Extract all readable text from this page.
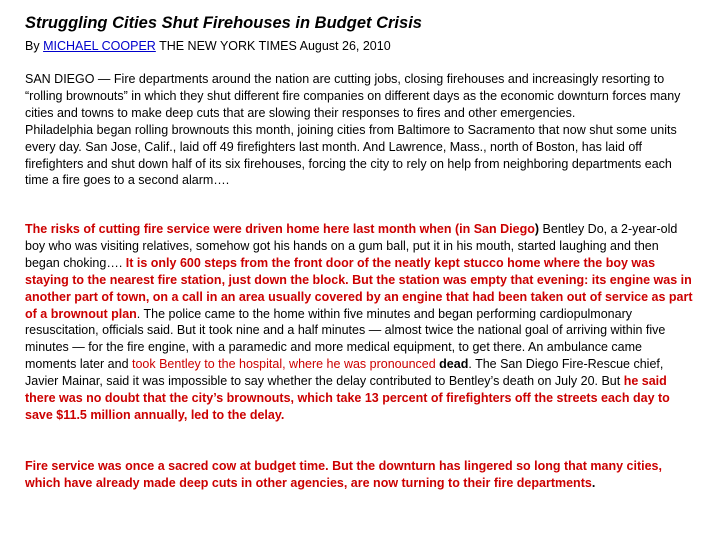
Struggling Cities Shut Firehouses in Budget Crisis
By MICHAEL COOPER THE NEW YORK TIMES August 26, 2010

SAN DIEGO — Fire departments around the nation are cutting jobs, closing firehouses and increasingly resorting to “rolling brownouts” in which they shut different fire companies on different days as the economic downturn forces many cities and towns to make deep cuts that are slowing their responses to fires and other emergencies.
Philadelphia began rolling brownouts this month, joining cities from Baltimore to Sacramento that now shut some units every day. San Jose, Calif., laid off 49 firefighters last month. And Lawrence, Mass., north of Boston, has laid off firefighters and shut down half of its six firehouses, forcing the city to rely on help from neighboring departments each time a fire goes to a second alarm….

The risks of cutting fire service were driven home here last month when (in San Diego) Bentley Do, a 2-year-old boy who was visiting relatives, somehow got his hands on a gum ball, put it in his mouth, started laughing and then began choking…. It is only 600 steps from the front door of the neatly kept stucco home where the boy was staying to the nearest fire station, just down the block. But the station was empty that evening: its engine was in another part of town, on a call in an area usually covered by an engine that had been taken out of service as part of a brownout plan. The police came to the home within five minutes and began performing cardiopulmonary resuscitation, officials said. But it took nine and a half minutes — almost twice the national goal of arriving within five minutes — for the fire engine, with a paramedic and more medical equipment, to get there. An ambulance came moments later and took Bentley to the hospital, where he was pronounced dead. The San Diego Fire-Rescue chief, Javier Mainar, said it was impossible to say whether the delay contributed to Bentley’s death on July 20. But he said there was no doubt that the city’s brownouts, which take 13 percent of firefighters off the streets each day to save $11.5 million annually, led to the delay.

Fire service was once a sacred cow at budget time. But the downturn has lingered so long that many cities, which have already made deep cuts in other agencies, are now turning to their fire departments.
